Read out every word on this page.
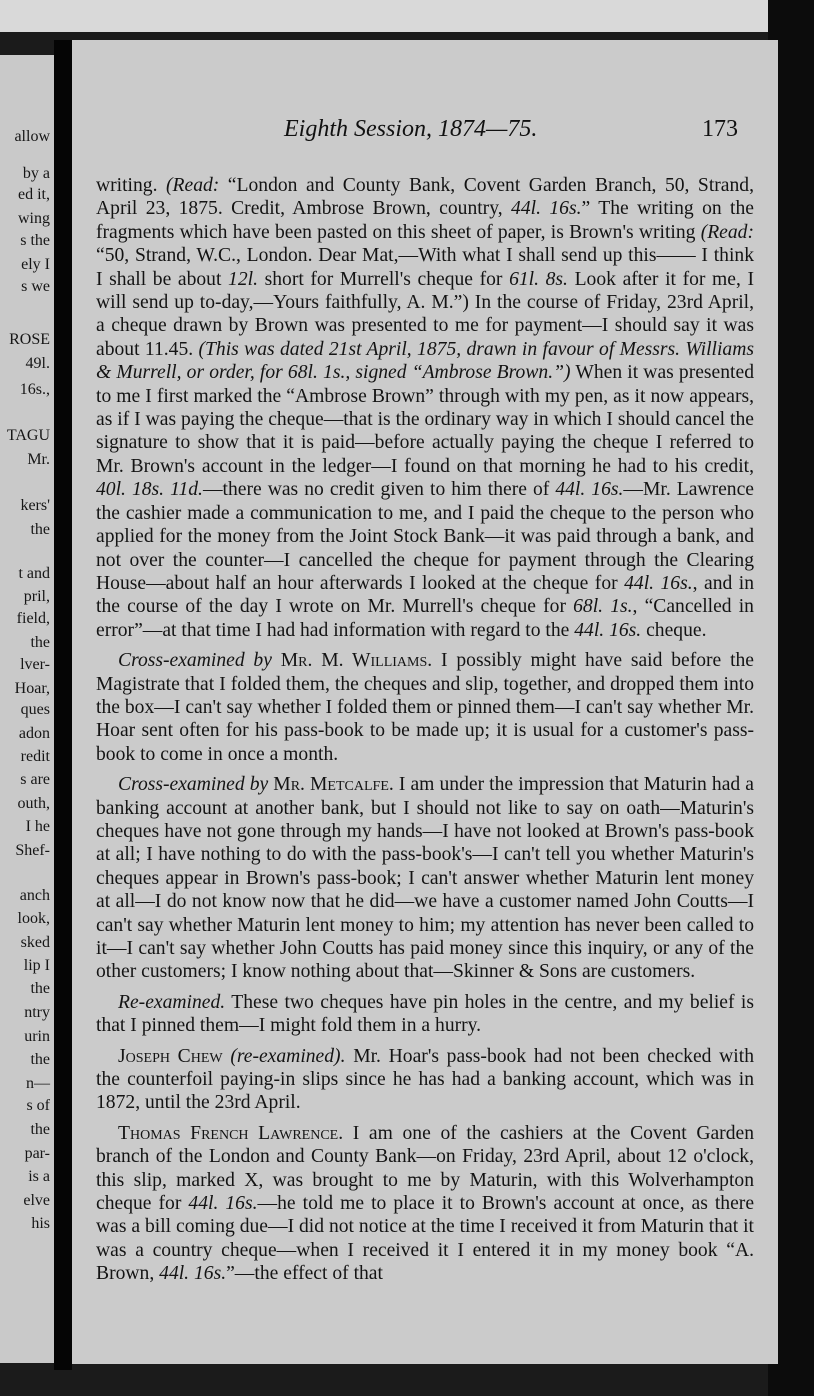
allow
by a
ed it,
wing
s the
ely I
s we
ROSE
49l.
16s.,
TAGU
Mr.
kers'
the
t and
pril,
field,
the
lver-
Hoar,
ques
adon
redit
s are
outh,
I he
Shef-
anch
look,
sked
lip I
the
ntry
urin
the
n—
s of
the
par-
is a
elve
his
Eighth Session, 1874—75.	173

writing. (Read: “London and County Bank, Covent Garden Branch, 50, Strand, April 23, 1875. Credit, Ambrose Brown, country, 44l. 16s.” The writing on the fragments which have been pasted on this sheet of paper, is Brown's writing (Read: “50, Strand, W.C., London. Dear Mat,—With what I shall send up this—— I think I shall be about 12l. short for Murrell's cheque for 61l. 8s. Look after it for me, I will send up to-day,—Yours faithfully, A. M.”) In the course of Friday, 23rd April, a cheque drawn by Brown was presented to me for payment—I should say it was about 11.45. (This was dated 21st April, 1875, drawn in favour of Messrs. Williams & Murrell, or order, for 68l. 1s., signed “Ambrose Brown.”) When it was presented to me I first marked the “Ambrose Brown” through with my pen, as it now appears, as if I was paying the cheque—that is the ordinary way in which I should cancel the signature to show that it is paid—before actually paying the cheque I referred to Mr. Brown's account in the ledger—I found on that morning he had to his credit, 40l. 18s. 11d.—there was no credit given to him there of 44l. 16s.—Mr. Lawrence the cashier made a communication to me, and I paid the cheque to the person who applied for the money from the Joint Stock Bank—it was paid through a bank, and not over the counter—I cancelled the cheque for payment through the Clearing House—about half an hour afterwards I looked at the cheque for 44l. 16s., and in the course of the day I wrote on Mr. Murrell's cheque for 68l. 1s., “Cancelled in error”—at that time I had had information with regard to the 44l. 16s. cheque.

Cross-examined by Mr. M. Williams. I possibly might have said before the Magistrate that I folded them, the cheques and slip, together, and dropped them into the box—I can't say whether I folded them or pinned them—I can't say whether Mr. Hoar sent often for his pass-book to be made up; it is usual for a customer's pass-book to come in once a month.

Cross-examined by Mr. Metcalfe. I am under the impression that Maturin had a banking account at another bank, but I should not like to say on oath—Maturin's cheques have not gone through my hands—I have not looked at Brown's pass-book at all; I have nothing to do with the pass-book's—I can't tell you whether Maturin's cheques appear in Brown's pass-book; I can't answer whether Maturin lent money at all—I do not know now that he did—we have a customer named John Coutts—I can't say whether Maturin lent money to him; my attention has never been called to it—I can't say whether John Coutts has paid money since this inquiry, or any of the other customers; I know nothing about that—Skinner & Sons are customers.

Re-examined. These two cheques have pin holes in the centre, and my belief is that I pinned them—I might fold them in a hurry.

Joseph Chew (re-examined). Mr. Hoar's pass-book had not been checked with the counterfoil paying-in slips since he has had a banking account, which was in 1872, until the 23rd April.

Thomas French Lawrence. I am one of the cashiers at the Covent Garden branch of the London and County Bank—on Friday, 23rd April, about 12 o'clock, this slip, marked X, was brought to me by Maturin, with this Wolverhampton cheque for 44l. 16s.—he told me to place it to Brown's account at once, as there was a bill coming due—I did not notice at the time I received it from Maturin that it was a country cheque—when I received it I entered it in my money book “A. Brown, 44l. 16s.”—the effect of that
